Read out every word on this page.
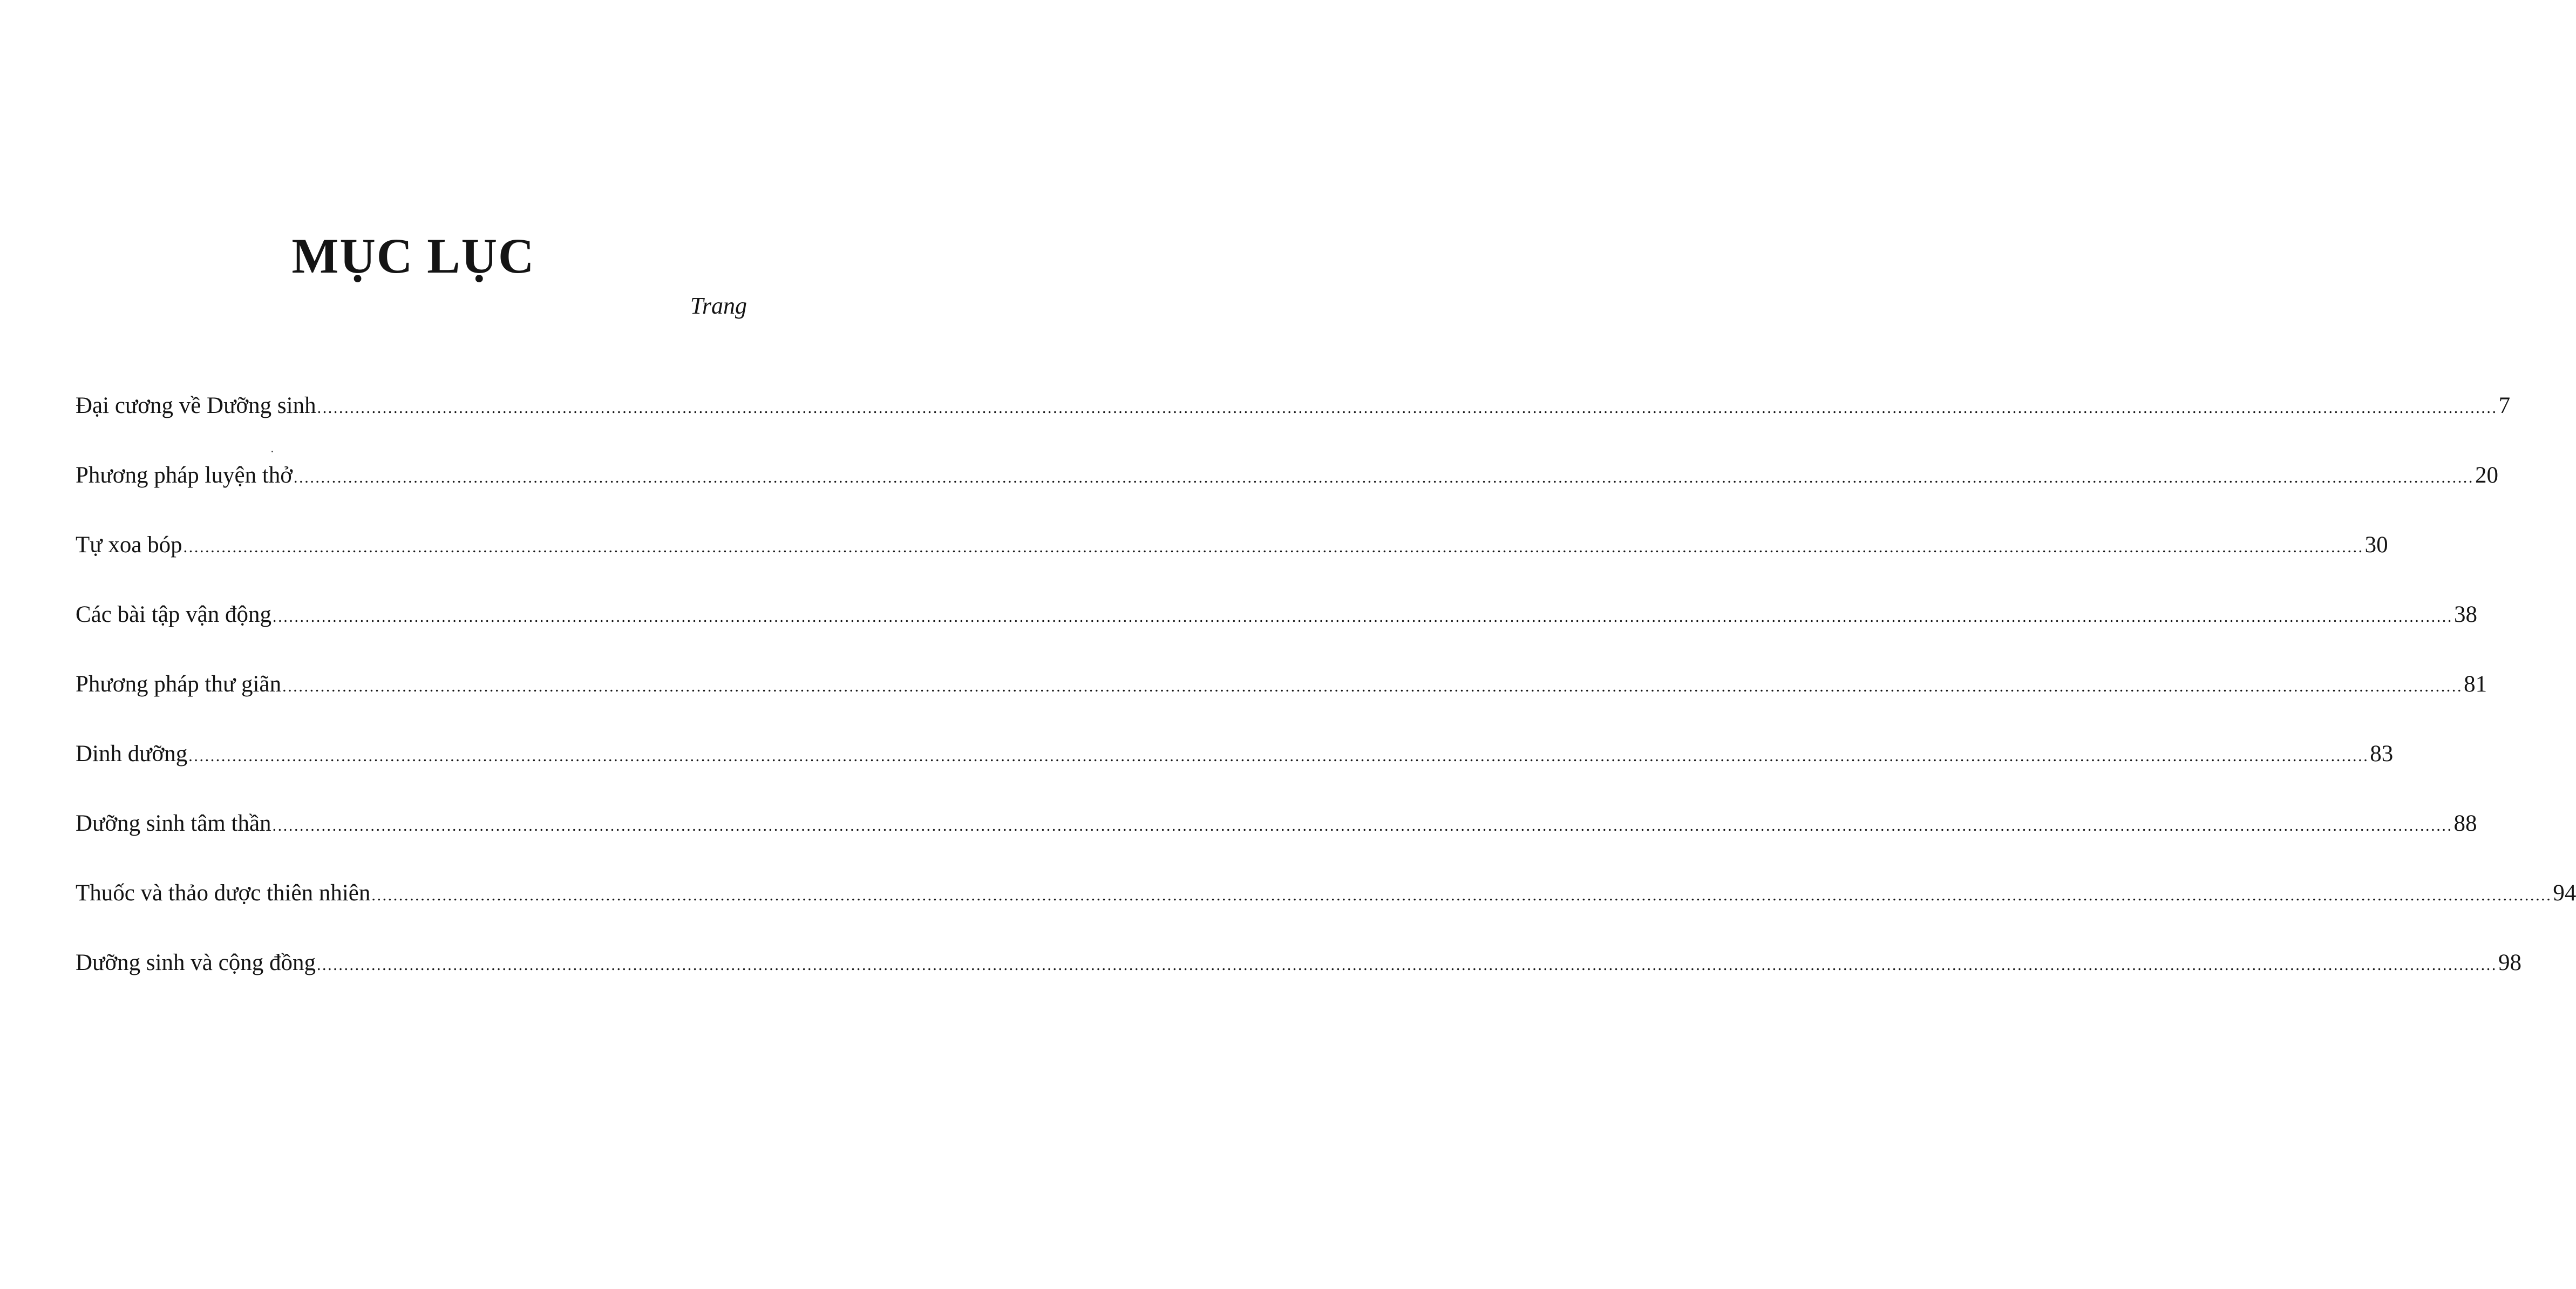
MỤC LỤC
Trang
Đại cương về Dưỡng sinh ................................................................................................................................................................................................................................................................................................................................................................................................................ 7
Phương pháp luyện thở ................................................................................................................................................................................................................................................................................................................................................................................................................ 20
Tự xoa bóp ................................................................................................................................................................................................................................................................................................................................................................................................................ 30
Các bài tập vận động ................................................................................................................................................................................................................................................................................................................................................................................................................ 38
Phương pháp thư giãn ................................................................................................................................................................................................................................................................................................................................................................................................................ 81
Dinh dưỡng ................................................................................................................................................................................................................................................................................................................................................................................................................ 83
Dưỡng sinh tâm thần ................................................................................................................................................................................................................................................................................................................................................................................................................ 88
Thuốc và thảo dược thiên nhiên ................................................................................................................................................................................................................................................................................................................................................................................................................ 94
Dưỡng sinh và cộng đồng ................................................................................................................................................................................................................................................................................................................................................................................................................ 98
